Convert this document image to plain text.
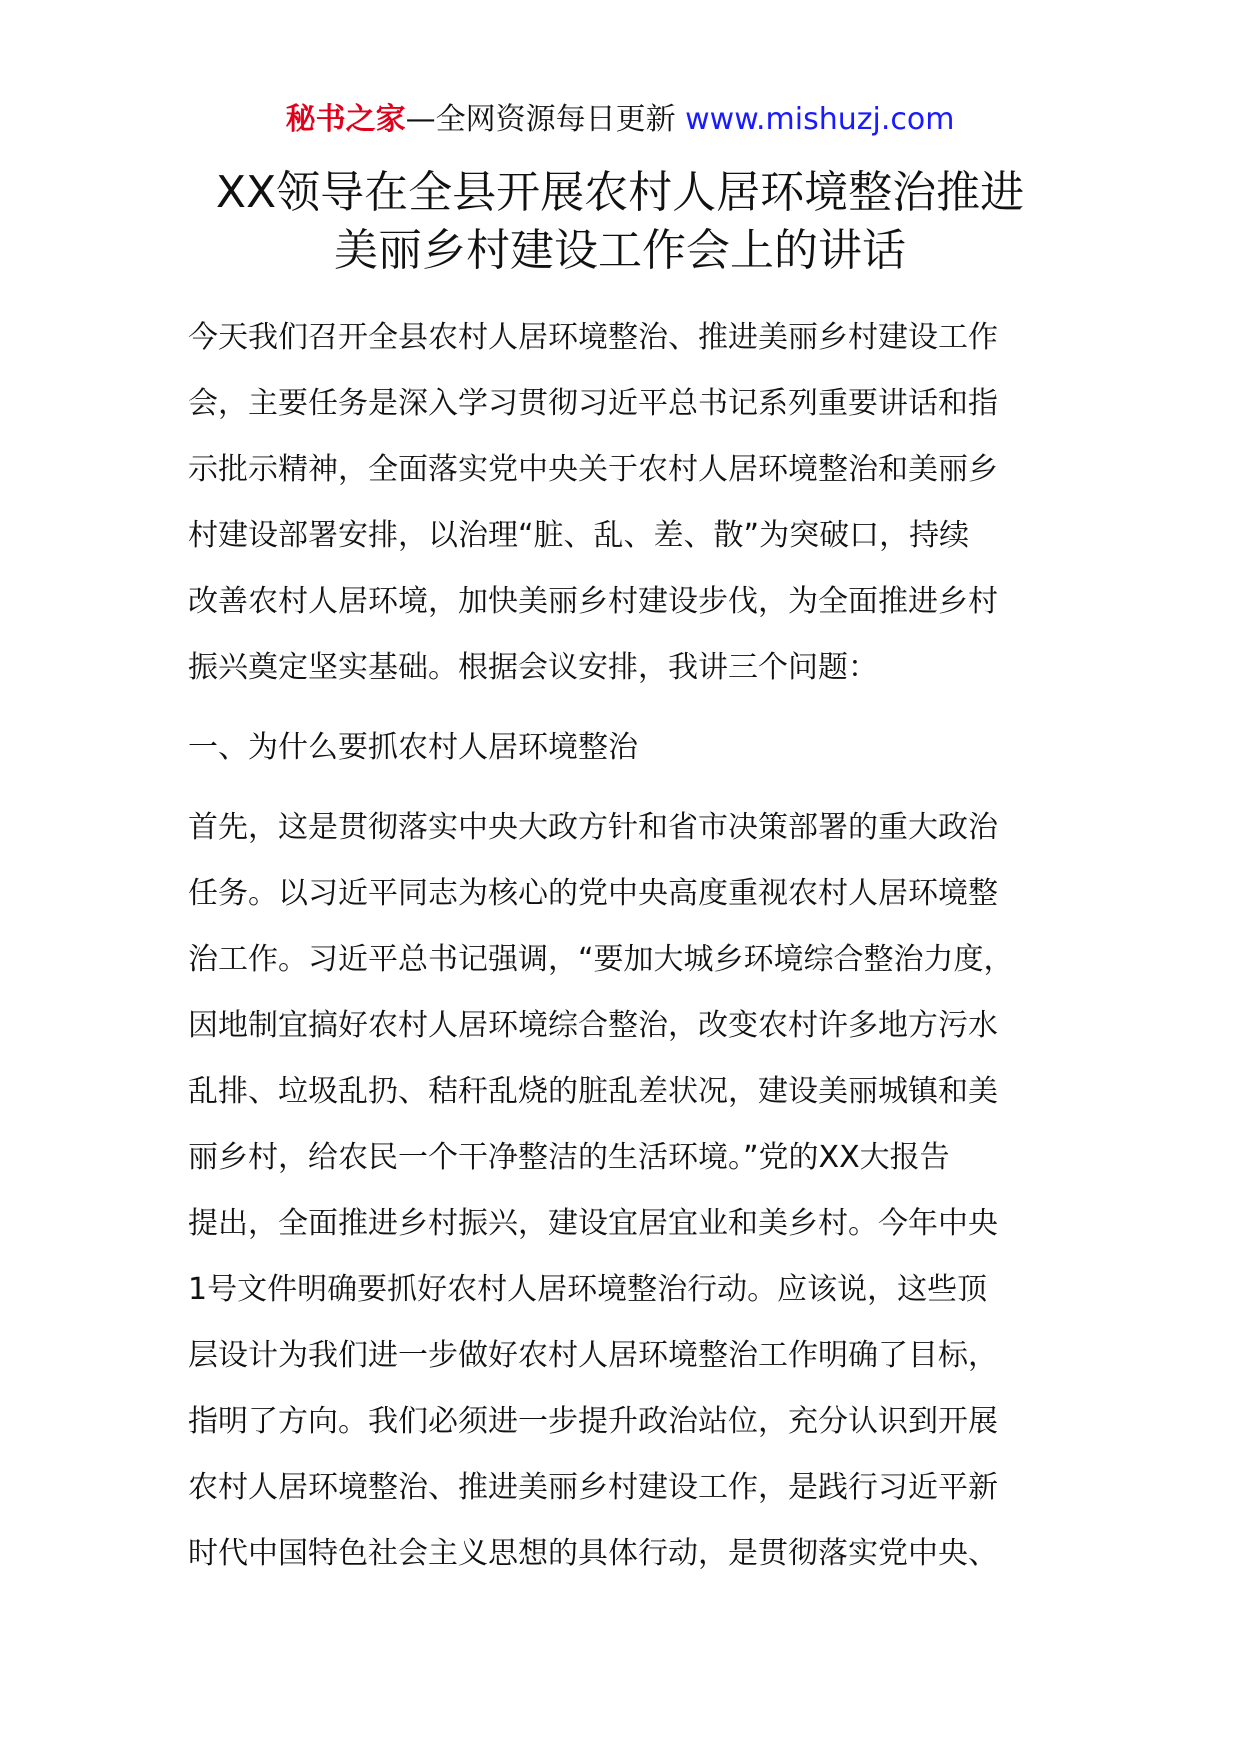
秘书之家—全网资源每日更新 www.mishuzj.com
XX领导在全县开展农村人居环境整治推进
美丽乡村建设工作会上的讲话
今天我们召开全县农村人居环境整治、推进美丽乡村建设工作
会，主要任务是深入学习贯彻习近平总书记系列重要讲话和指
示批示精神，全面落实党中央关于农村人居环境整治和美丽乡
村建设部署安排，以治理“脏、乱、差、散”为突破口，持续
改善农村人居环境，加快美丽乡村建设步伐，为全面推进乡村
振兴奠定坚实基础。根据会议安排，我讲三个问题：
一、为什么要抓农村人居环境整治
首先，这是贯彻落实中央大政方针和省市决策部署的重大政治
任务。以习近平同志为核心的党中央高度重视农村人居环境整
治工作。习近平总书记强调，“要加大城乡环境综合整治力度，
因地制宜搞好农村人居环境综合整治，改变农村许多地方污水
乱排、垃圾乱扔、秸秆乱烧的脏乱差状况，建设美丽城镇和美
丽乡村，给农民一个干净整洁的生活环境。”党的XX大报告
提出，全面推进乡村振兴，建设宜居宜业和美乡村。今年中央
1号文件明确要抓好农村人居环境整治行动。应该说，这些顶
层设计为我们进一步做好农村人居环境整治工作明确了目标，
指明了方向。我们必须进一步提升政治站位，充分认识到开展
农村人居环境整治、推进美丽乡村建设工作，是践行习近平新
时代中国特色社会主义思想的具体行动，是贯彻落实党中央、
